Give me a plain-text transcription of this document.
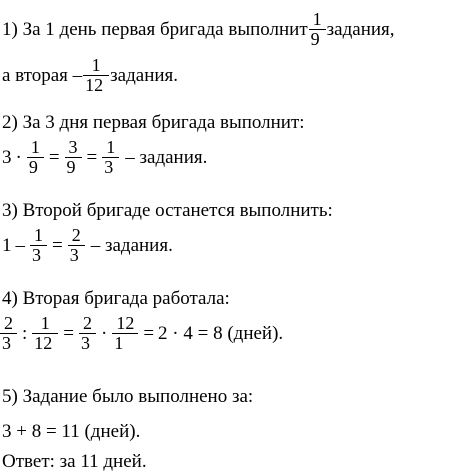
1) За 1 день первая бригада выполнит $\frac{1}{9}$ задания,
а вторая – $\frac{1}{12}$ задания.
2) За 3 дня первая бригада выполнит:
$3 \cdot \frac{1}{9} = \frac{3}{9} = \frac{1}{3}$ – задания.
3) Второй бригаде останется выполнить:
$1 - \frac{1}{3} = \frac{2}{3}$ – задания.
4) Вторая бригада работала:
$\frac{2}{3}$ : $\frac{1}{12} = \frac{2}{3} \cdot \frac{12}{1} = 2 \cdot 4 = 8$ (дней).
5) Задание было выполнено за:
3 + 8 = 11 (дней).
Ответ: за 11 дней.
